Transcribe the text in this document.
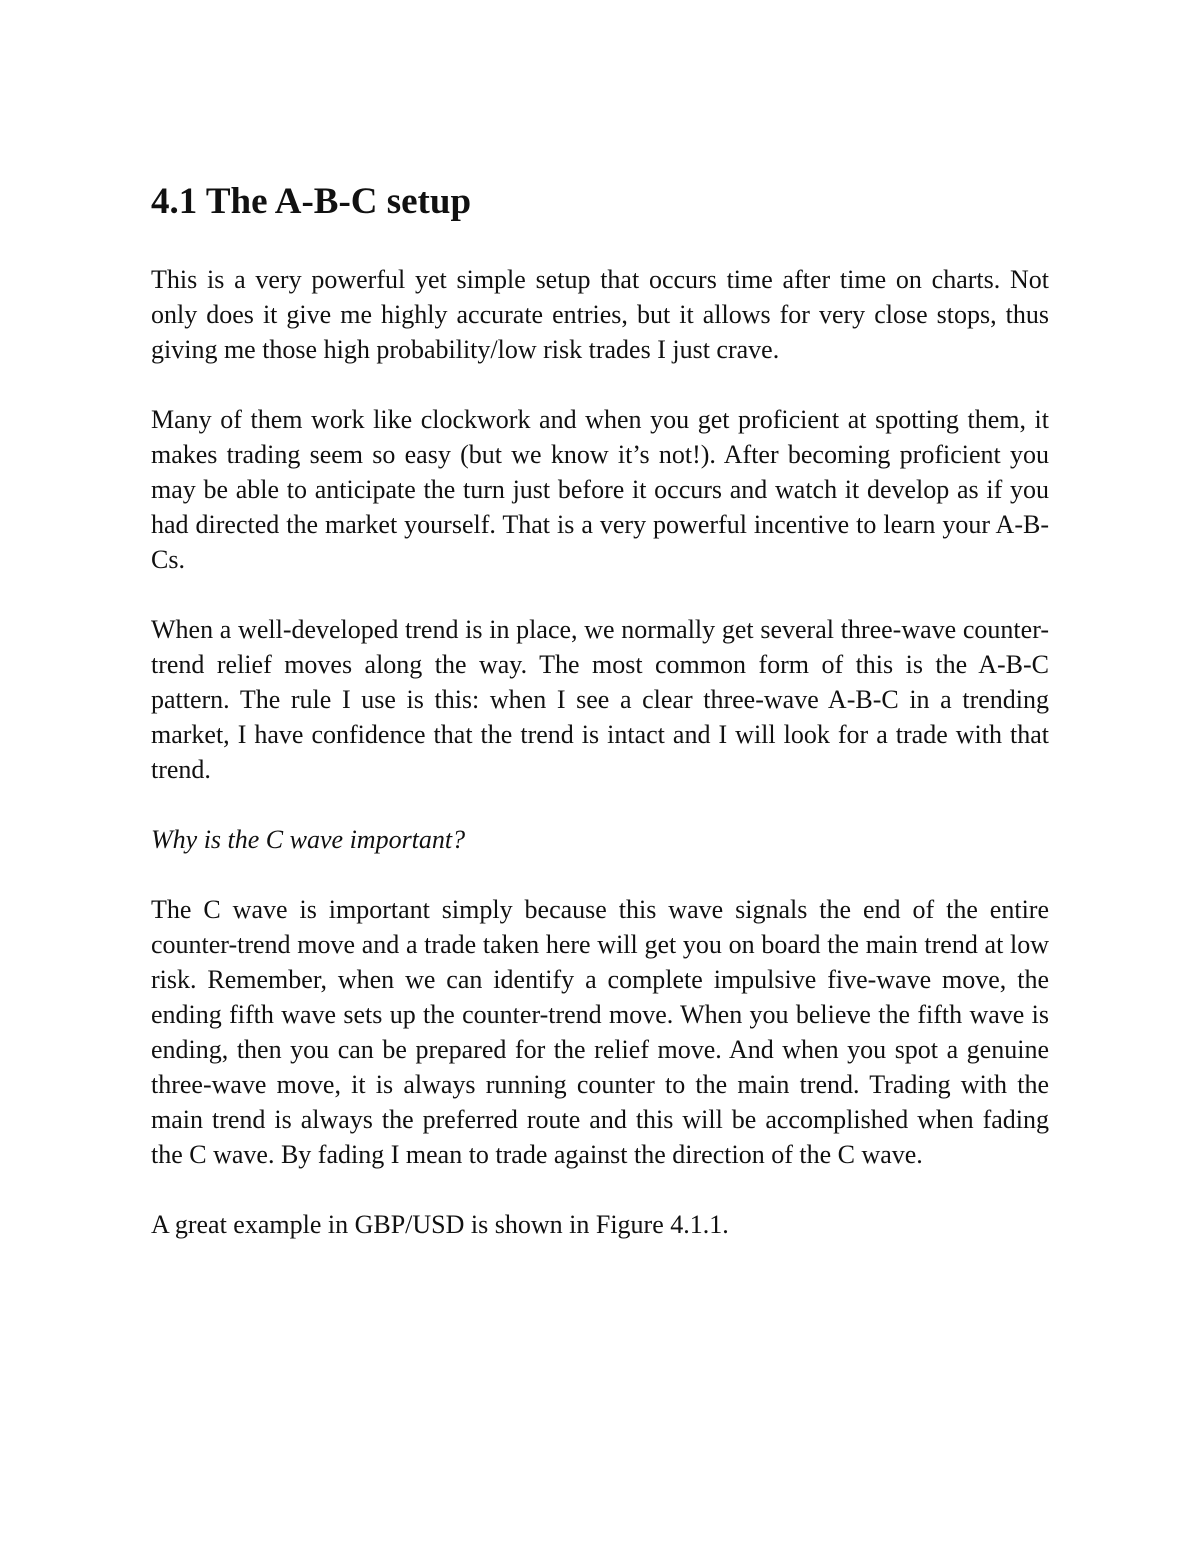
4.1 The A-B-C setup

This is a very powerful yet simple setup that occurs time after time on charts. Not only does it give me highly accurate entries, but it allows for very close stops, thus giving me those high probability/low risk trades I just crave.

Many of them work like clockwork and when you get proficient at spotting them, it makes trading seem so easy (but we know it’s not!). After becoming proficient you may be able to anticipate the turn just before it occurs and watch it develop as if you had directed the market yourself. That is a very powerful incentive to learn your A-B-Cs.

When a well-developed trend is in place, we normally get several three-wave counter-trend relief moves along the way. The most common form of this is the A-B-C pattern. The rule I use is this: when I see a clear three-wave A-B-C in a trending market, I have confidence that the trend is intact and I will look for a trade with that trend.

Why is the C wave important?

The C wave is important simply because this wave signals the end of the entire counter-trend move and a trade taken here will get you on board the main trend at low risk. Remember, when we can identify a complete impulsive five-wave move, the ending fifth wave sets up the counter-trend move. When you believe the fifth wave is ending, then you can be prepared for the relief move. And when you spot a genuine three-wave move, it is always running counter to the main trend. Trading with the main trend is always the preferred route and this will be accomplished when fading the C wave. By fading I mean to trade against the direction of the C wave.

A great example in GBP/USD is shown in Figure 4.1.1.
